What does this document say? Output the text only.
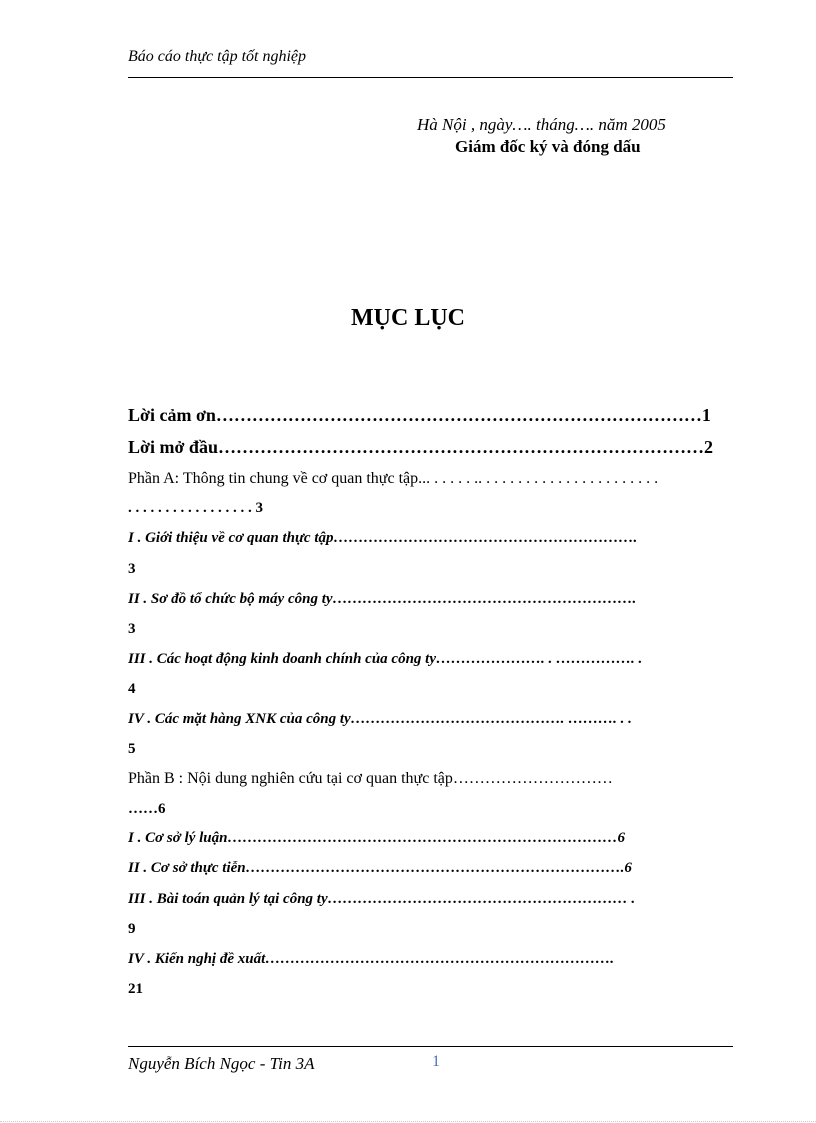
Báo cáo thực tập tốt nghiệp
Hà Nội , ngày…. tháng…. năm 2005
Giám đốc ký và đóng dấu
MỤC LỤC
Lời cảm ơn………………………………………………………………………1
Lời mở đầu………………………………………………………………………2
Phần A: Thông tin chung về cơ quan thực tập... . . . . . .. . . . . . . . . . . . . . . . . . . . . . .
. . . . . . . . . . . . . . . . . 3
I . Giới thiệu về cơ quan thực tập…………………………………………………….
3
II . Sơ đồ tổ chức bộ máy công ty…………………………………………………….
3
III . Các hoạt động kinh doanh chính của công ty…………………. . ……………. .
4
IV . Các mặt hàng XNK của công ty……………………………………. ………. . .
5
Phần B : Nội dung nghiên cứu tại cơ quan thực tập…………………………
……6
I . Cơ sở lý luận……………………………………………………………………6
II . Cơ sở thực tiễn………………………………………………………………….6
III . Bài toán quản lý tại công ty…………………………………………………… .
9
IV . Kiến nghị đề xuất…………………………………………………………….
21
Nguyễn Bích Ngọc - Tin 3A	1
